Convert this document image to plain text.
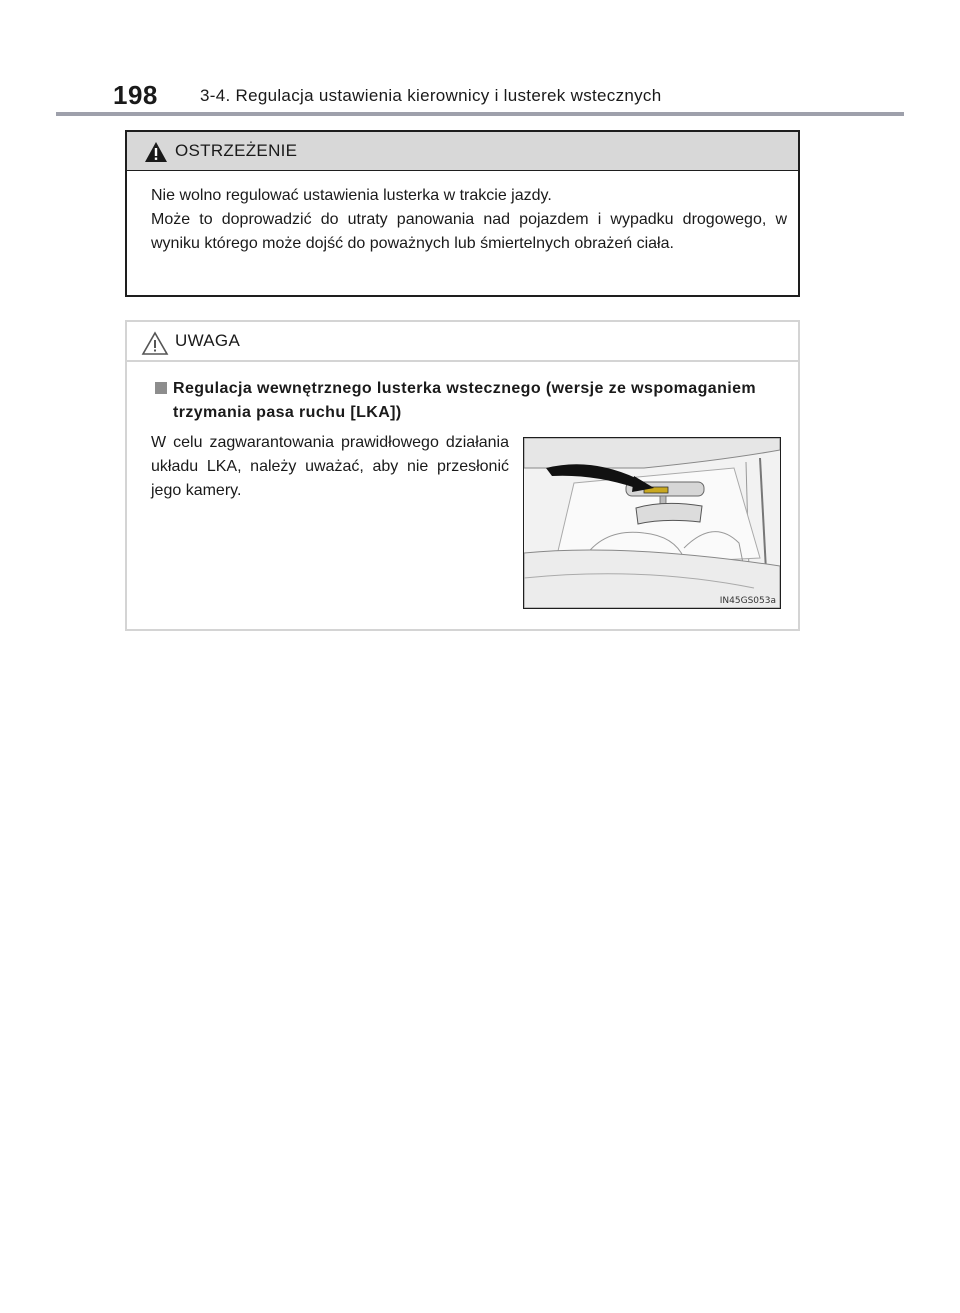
198 3-4. Regulacja ustawienia kierownicy i lusterek wstecznych
OSTRZEŻENIE

Nie wolno regulować ustawienia lusterka w trakcie jazdy.

Może to doprowadzić do utraty panowania nad pojazdem i wypadku drogowego, w wyniku którego może dojść do poważnych lub śmiertelnych obrażeń ciała.

UWAGA
Regulacja wewnętrznego lusterka wstecznego (wersje ze wspomaganiem trzymania pasa ruchu [LKA])
W celu zagwarantowania prawidłowego działania układu LKA, należy uważać, aby nie przesłonić jego kamery.
IN45GS053a
